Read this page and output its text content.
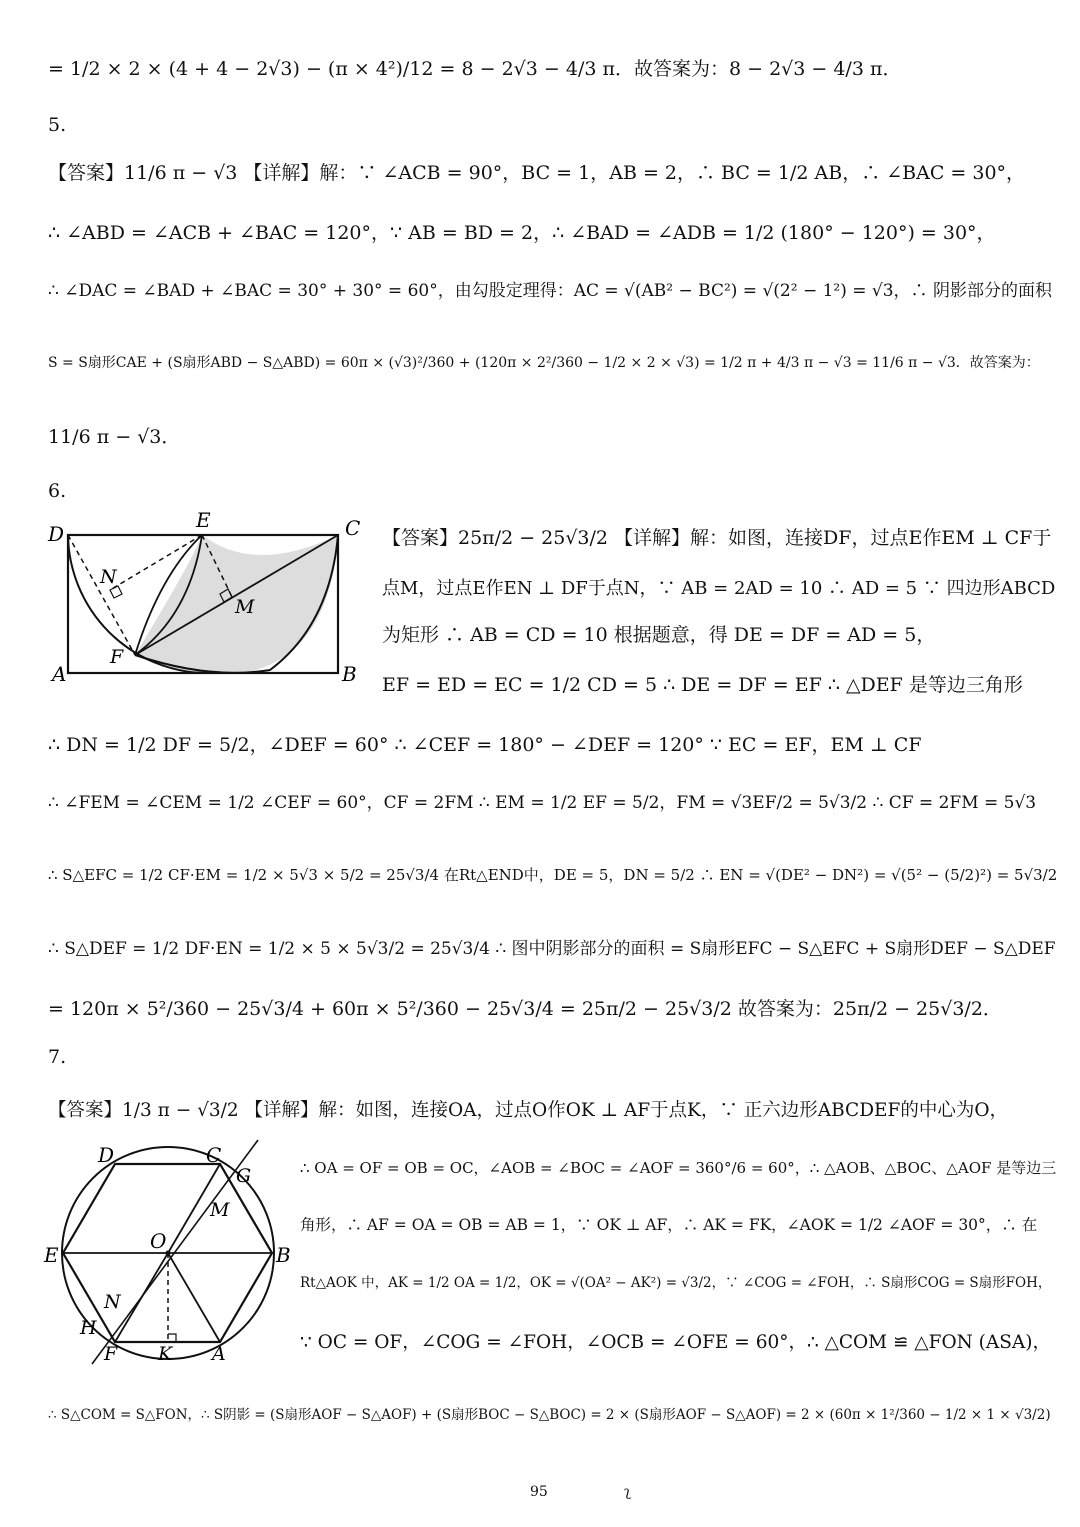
= 1/2 × 2 × (4 + 4 − 2√3) − (π × 4²)/12 = 8 − 2√3 − 4/3 π．故答案为：8 − 2√3 − 4/3 π．
5.
【答案】11/6 π − √3 【详解】解：∵ ∠ACB = 90°，BC = 1，AB = 2，∴ BC = 1/2 AB，∴ ∠BAC = 30°，
∴ ∠ABD = ∠ACB + ∠BAC = 120°，∵ AB = BD = 2，∴ ∠BAD = ∠ADB = 1/2 (180° − 120°) = 30°，
∴ ∠DAC = ∠BAD + ∠BAC = 30° + 30° = 60°，由勾股定理得：AC = √(AB² − BC²) = √(2² − 1²) = √3，∴ 阴影部分的面积
S = S扇形CAE + (S扇形ABD − S△ABD) = 60π × (√3)²/360 + (120π × 2²/360 − 1/2 × 2 × √3) = 1/2 π + 4/3 π − √3 = 11/6 π − √3．故答案为：
11/6 π − √3．
6.
D
E	C
N
M
F
A	B
【答案】25π/2 − 25√3/2 【详解】解：如图，连接DF，过点E作EM ⊥ CF于
点M，过点E作EN ⊥ DF于点N，∵ AB = 2AD = 10 ∴ AD = 5 ∵ 四边形ABCD
为矩形 ∴ AB = CD = 10 根据题意，得 DE = DF = AD = 5，
EF = ED = EC = 1/2 CD = 5 ∴ DE = DF = EF ∴ △DEF 是等边三角形
∴ DN = 1/2 DF = 5/2，∠DEF = 60° ∴ ∠CEF = 180° − ∠DEF = 120° ∵ EC = EF，EM ⊥ CF
∴ ∠FEM = ∠CEM = 1/2 ∠CEF = 60°，CF = 2FM ∴ EM = 1/2 EF = 5/2，FM = √3EF/2 = 5√3/2 ∴ CF = 2FM = 5√3
∴ S△EFC = 1/2 CF·EM = 1/2 × 5√3 × 5/2 = 25√3/4 在Rt△END中，DE = 5，DN = 5/2 ∴ EN = √(DE² − DN²) = √(5² − (5/2)²) = 5√3/2
∴ S△DEF = 1/2 DF·EN = 1/2 × 5 × 5√3/2 = 25√3/4 ∴ 图中阴影部分的面积 = S扇形EFC − S△EFC + S扇形DEF − S△DEF
= 120π × 5²/360 − 25√3/4 + 60π × 5²/360 − 25√3/4 = 25π/2 − 25√3/2 故答案为：25π/2 − 25√3/2．
7.
【答案】1/3 π − √3/2 【详解】解：如图，连接OA，过点O作OK ⊥ AF于点K，∵ 正六边形ABCDEF的中心为O，
D	C
G
M
O
E	B
N
H
F K A
∴ OA = OF = OB = OC，∠AOB = ∠BOC = ∠AOF = 360°/6 = 60°，∴ △AOB、△BOC、△AOF 是等边三
角形，∴ AF = OA = OB = AB = 1，∵ OK ⊥ AF，∴ AK = FK，∠AOK = 1/2 ∠AOF = 30°，∴ 在
Rt△AOK 中，AK = 1/2 OA = 1/2，OK = √(OA² − AK²) = √3/2，∵ ∠COG = ∠FOH，∴ S扇形COG = S扇形FOH，
∵ OC = OF，∠COG = ∠FOH，∠OCB = ∠OFE = 60°，∴ △COM ≌ △FON (ASA)，
∴ S△COM = S△FON，∴ S阴影 = (S扇形AOF − S△AOF) + (S扇形BOC − S△BOC) = 2 × (S扇形AOF − S△AOF) = 2 × (60π × 1²/360 − 1/2 × 1 × √3/2)
95	ʅ
